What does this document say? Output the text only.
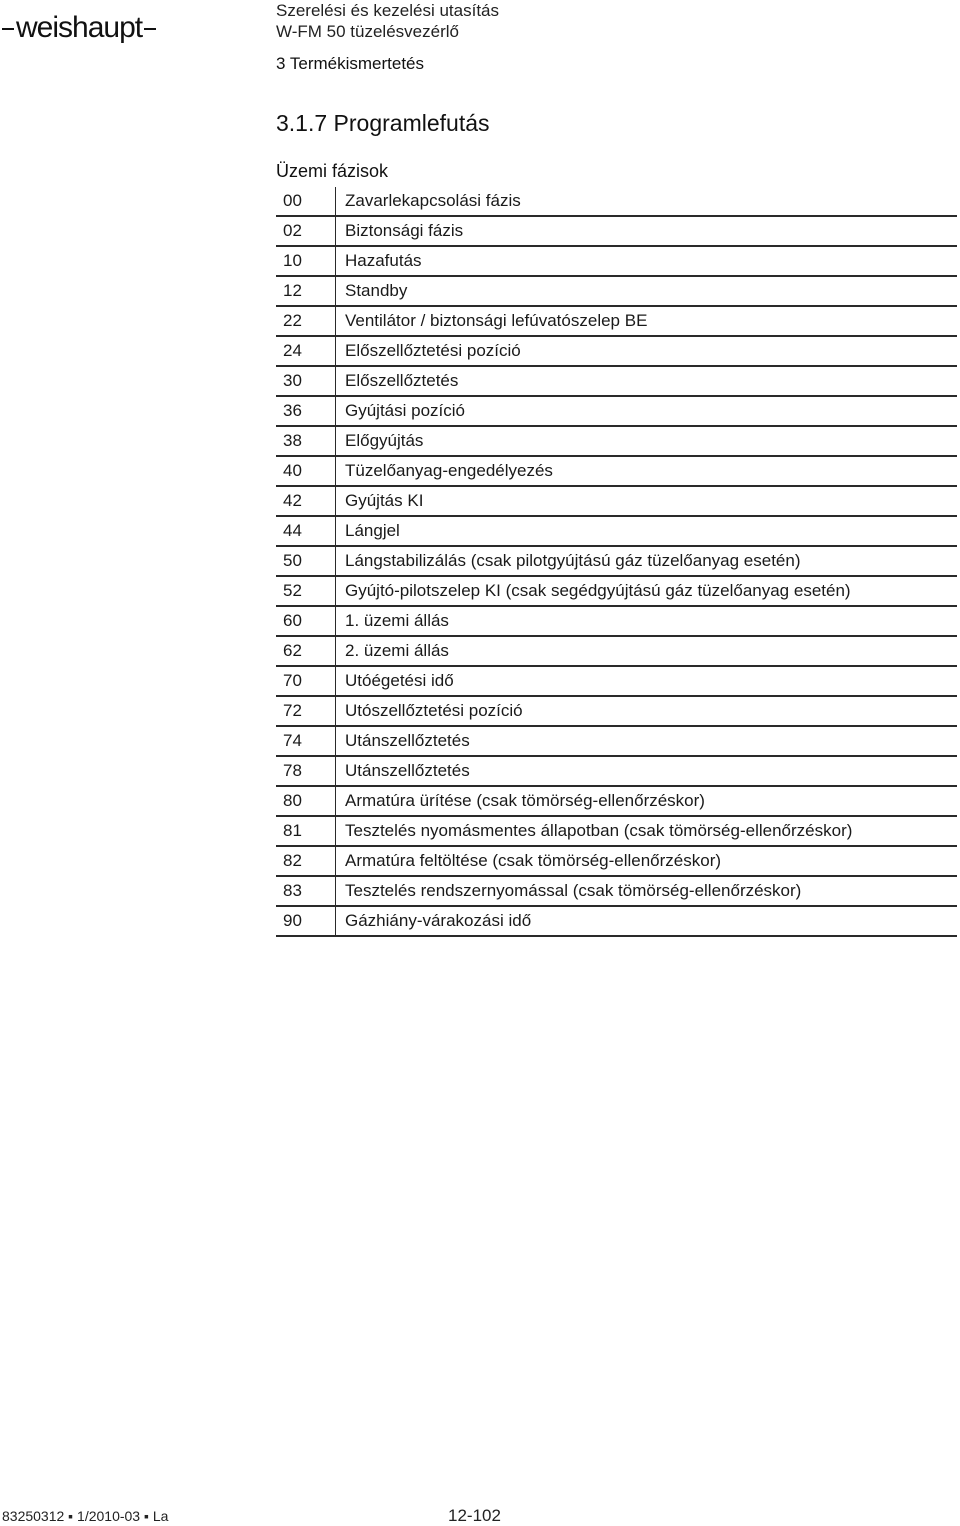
weishaupt
Szerelési és kezelési utasítás
W-FM 50 tüzelésvezérlő
3 Termékismertetés
3.1.7 Programlefutás
Üzemi fázisok
00	Zavarlekapcsolási fázis
02	Biztonsági fázis
10	Hazafutás
12	Standby
22	Ventilátor / biztonsági lefúvatószelep BE
24	Előszellőztetési pozíció
30	Előszellőztetés
36	Gyújtási pozíció
38	Előgyújtás
40	Tüzelőanyag-engedélyezés
42	Gyújtás KI
44	Lángjel
50	Lángstabilizálás (csak pilotgyújtású gáz tüzelőanyag esetén)
52	Gyújtó-pilotszelep KI (csak segédgyújtású gáz tüzelőanyag esetén)
60	1. üzemi állás
62	2. üzemi állás
70	Utóégetési idő
72	Utószellőztetési pozíció
74	Utánszellőztetés
78	Utánszellőztetés
80	Armatúra ürítése (csak tömörség-ellenőrzéskor)
81	Tesztelés nyomásmentes állapotban (csak tömörség-ellenőrzéskor)
82	Armatúra feltöltése (csak tömörség-ellenőrzéskor)
83	Tesztelés rendszernyomással (csak tömörség-ellenőrzéskor)
90	Gázhiány-várakozási idő
83250312 ▪ 1/2010-03 ▪ La	12-102
